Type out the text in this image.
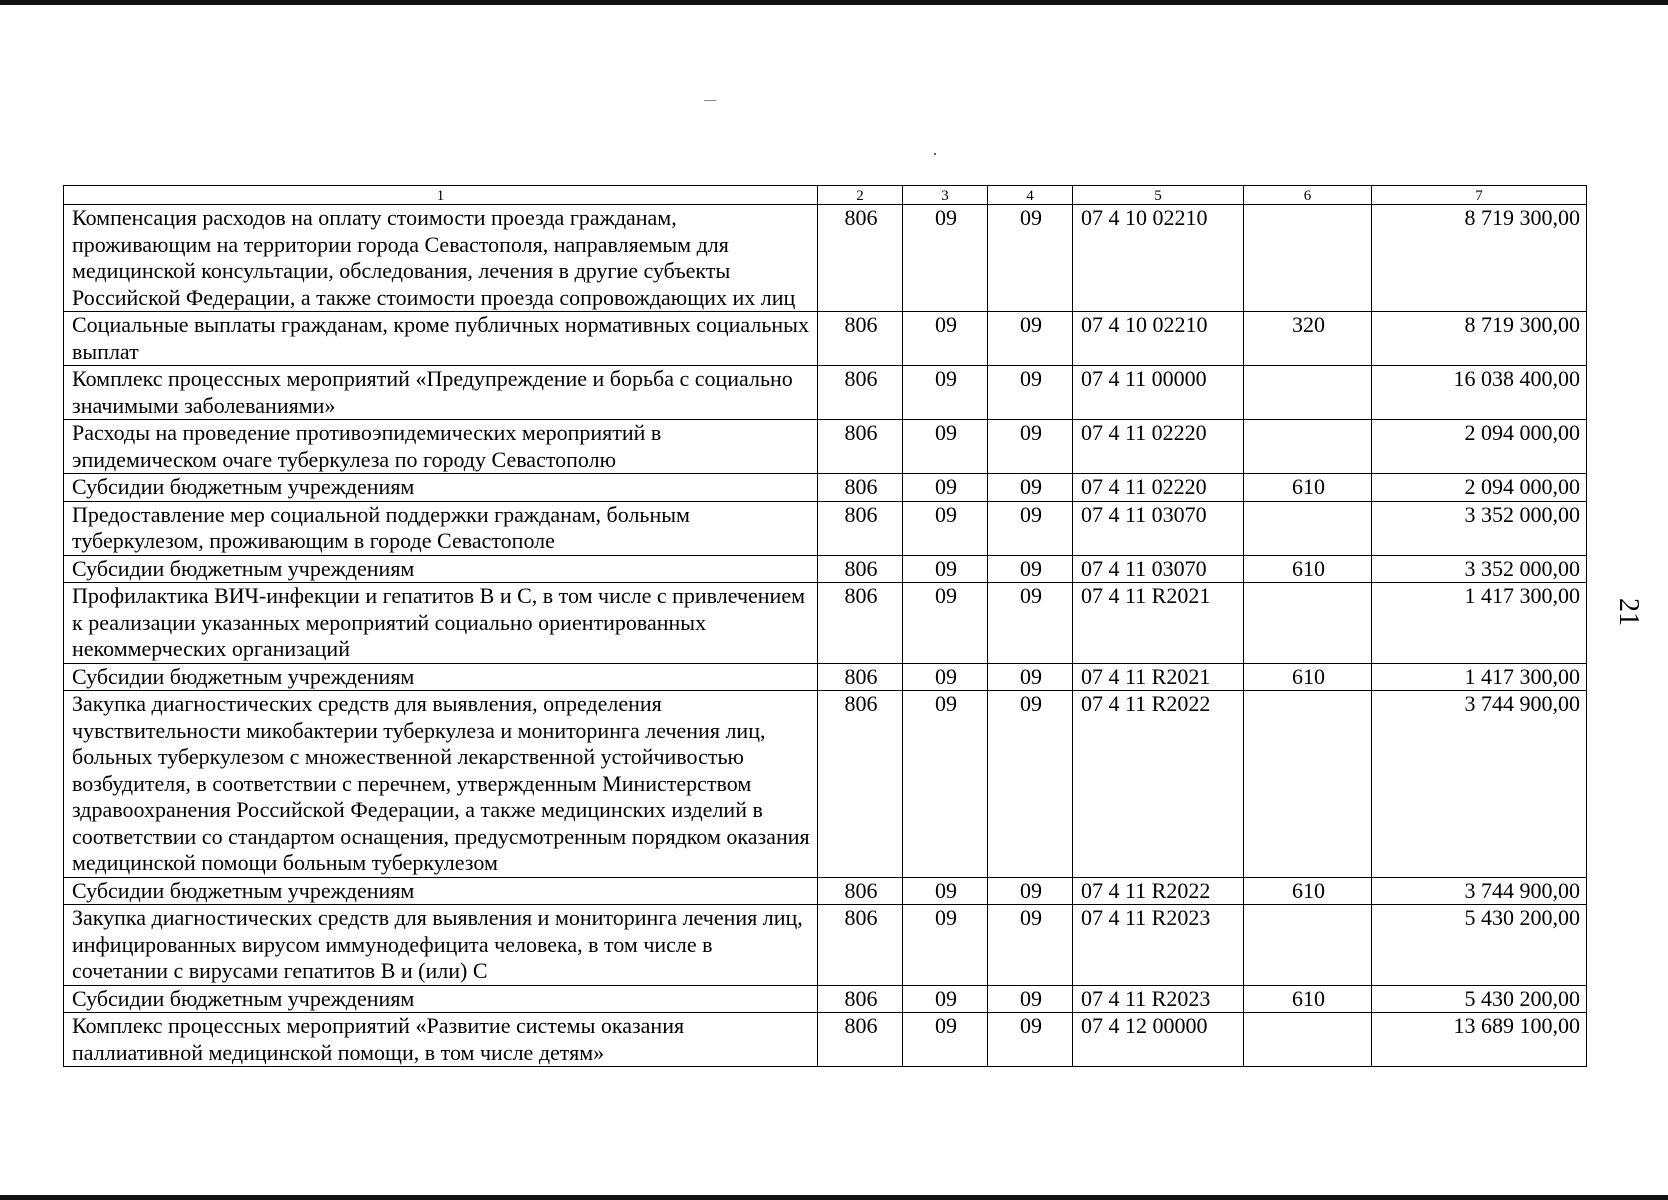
1	2	3	4	5	6	7
Компенсация расходов на оплату стоимости проезда гражданам, проживающим на территории города Севастополя, направляемым для медицинской консультации, обследования, лечения в другие субъекты Российской Федерации, а также стоимости проезда сопровождающих их лиц	806	09	09	07 4 10 02210		8 719 300,00
Социальные выплаты гражданам, кроме публичных нормативных социальных выплат	806	09	09	07 4 10 02210	320	8 719 300,00
Комплекс процессных мероприятий «Предупреждение и борьба с социально значимыми заболеваниями»	806	09	09	07 4 11 00000		16 038 400,00
Расходы на проведение противоэпидемических мероприятий в эпидемическом очаге туберкулеза по городу Севастополю	806	09	09	07 4 11 02220		2 094 000,00
Субсидии бюджетным учреждениям	806	09	09	07 4 11 02220	610	2 094 000,00
Предоставление мер социальной поддержки гражданам, больным туберкулезом, проживающим в городе Севастополе	806	09	09	07 4 11 03070		3 352 000,00
Субсидии бюджетным учреждениям	806	09	09	07 4 11 03070	610	3 352 000,00
Профилактика ВИЧ-инфекции и гепатитов В и С, в том числе с привлечением к реализации указанных мероприятий социально ориентированных некоммерческих организаций	806	09	09	07 4 11 R2021		1 417 300,00
Субсидии бюджетным учреждениям	806	09	09	07 4 11 R2021	610	1 417 300,00
Закупка диагностических средств для выявления, определения чувствительности микобактерии туберкулеза и мониторинга лечения лиц, больных туберкулезом с множественной лекарственной устойчивостью возбудителя, в соответствии с перечнем, утвержденным Министерством здравоохранения Российской Федерации, а также медицинских изделий в соответствии со стандартом оснащения, предусмотренным порядком оказания медицинской помощи больным туберкулезом	806	09	09	07 4 11 R2022		3 744 900,00
Субсидии бюджетным учреждениям	806	09	09	07 4 11 R2022	610	3 744 900,00
Закупка диагностических средств для выявления и мониторинга лечения лиц, инфицированных вирусом иммунодефицита человека, в том числе в сочетании с вирусами гепатитов В и (или) С	806	09	09	07 4 11 R2023		5 430 200,00
Субсидии бюджетным учреждениям	806	09	09	07 4 11 R2023	610	5 430 200,00
Комплекс процессных мероприятий «Развитие системы оказания паллиативной медицинской помощи, в том числе детям»	806	09	09	07 4 12 00000		13 689 100,00
21
